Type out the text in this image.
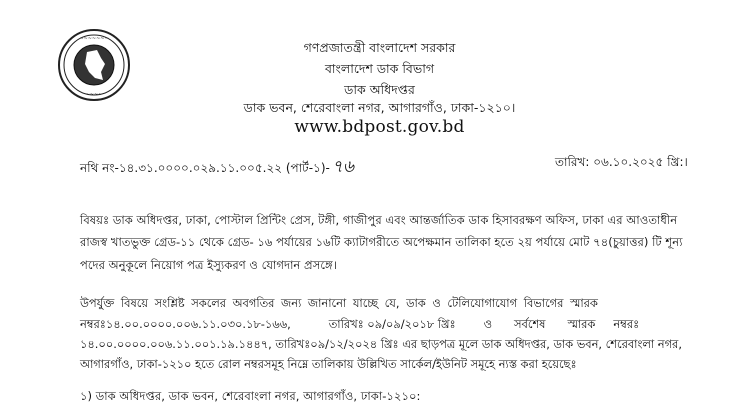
~~~~~~~
~~~~
গণপ্রজাতন্ত্রী বাংলাদেশ সরকার
বাংলাদেশ ডাক বিভাগ
ডাক অধিদপ্তর
ডাক ভবন, শেরেবাংলা নগর, আগারগাঁও, ঢাকা-১২১০।
www.bdpost.gov.bd
নথি নং-১৪.৩১.০০০০.০২৯.১১.০০৫.২২ (পার্ট-১)- ৭৬	তারিখ: ০৬.১০.২০২৫ খ্রি:।
বিষয়ঃ ডাক অধিদপ্তর, ঢাকা, পোস্টাল প্রিন্টিং প্রেস, টঙ্গী, গাজীপুর এবং আন্তর্জাতিক ডাক হিসাবরক্ষণ অফিস, ঢাকা এর আওতাধীন
রাজস্ব খাতভুক্ত গ্রেড-১১ থেকে গ্রেড- ১৬ পর্যায়ের ১৬টি ক্যাটাগরীতে অপেক্ষমান তালিকা হতে ২য় পর্যায়ে মোট ৭৪(চুয়াত্তর) টি শূন্য
পদের অনুকূলে নিয়োগ পত্র ইস্যুকরণ ও যোগদান প্রসঙ্গে।
উপর্যুক্ত বিষয়ে সংশ্লিষ্ট সকলের অবগতির জন্য জানানো যাচ্ছে যে, ডাক ও টেলিযোগাযোগ বিভাগের স্মারক
নম্বরঃ১৪.০০.০০০০.০০৬.১১.০৩০.১৮-১৬৬,	তারিখঃ ০৯/০৯/২০১৮ খ্রিঃ ও সর্বশেষ স্মারক নম্বরঃ
১৪.০০.০০০০.০০৬.১১.০০১.১৯.১৪৪৭, তারিখঃ০৯/১২/২০২৪ খ্রিঃ এর ছাড়পত্র মূলে ডাক অধিদপ্তর, ডাক ভবন, শেরেবাংলা নগর,
আগারগাঁও, ঢাকা-১২১০ হতে রোল নম্বরসমূহ নিম্নে তালিকায় উল্লিখিত সার্কেল/ইউনিট সমূহে ন্যস্ত করা হয়েছেঃ
১) ডাক অধিদপ্তর, ডাক ভবন, শেরেবাংলা নগর, আগারগাঁও, ঢাকা-১২১০:
